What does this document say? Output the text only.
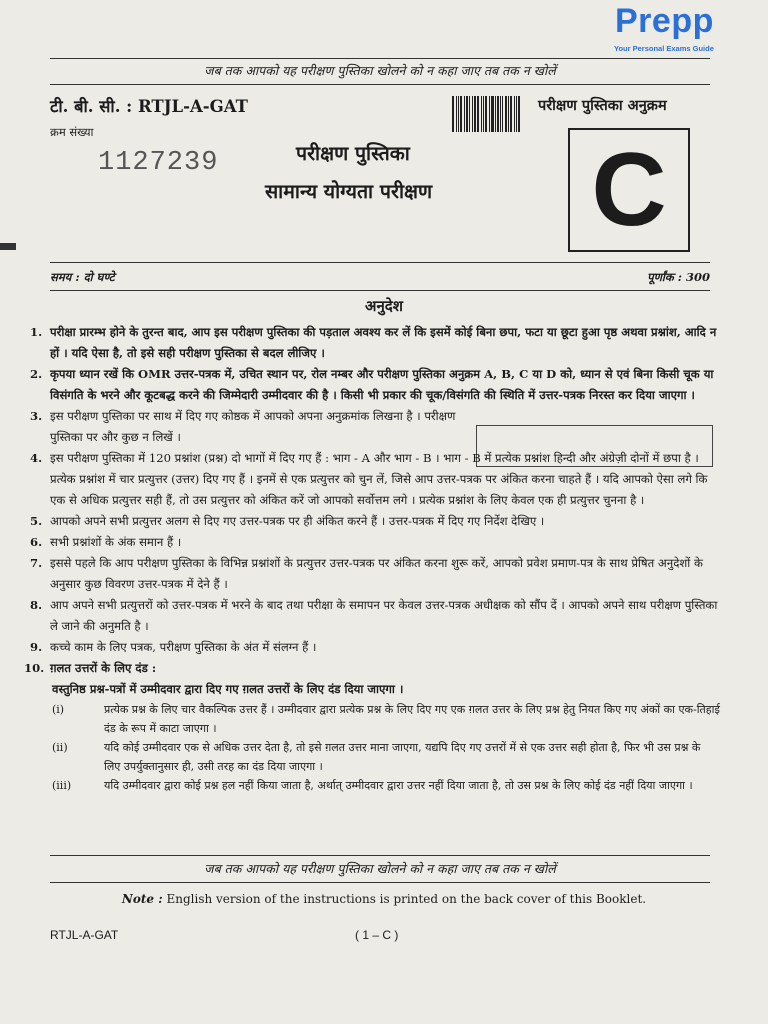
Prepp
Your Personal Exams Guide
जब तक आपको यह परीक्षण पुस्तिका खोलने को न कहा जाए तब तक न खोलें
टी. बी. सी. : RTJL-A-GAT
क्रम संख्या
1127239
परीक्षण पुस्तिका अनुक्रम
परीक्षण पुस्तिका
सामान्य योग्यता परीक्षण C
समय : दो घण्टे	पूर्णांक : 300
अनुदेश
1. परीक्षा प्रारम्भ होने के तुरन्त बाद, आप इस परीक्षण पुस्तिका की पड़ताल अवश्य कर लें कि इसमें कोई बिना छपा, फटा या छूटा हुआ पृष्ठ अथवा प्रश्नांश, आदि न हों । यदि ऐसा है, तो इसे सही परीक्षण पुस्तिका से बदल लीजिए ।
2. कृपया ध्यान रखें कि OMR उत्तर-पत्रक में, उचित स्थान पर, रोल नम्बर और परीक्षण पुस्तिका अनुक्रम A, B, C या D को, ध्यान से एवं बिना किसी चूक या विसंगति के भरने और कूटबद्ध करने की जिम्मेदारी उम्मीदवार की है । किसी भी प्रकार की चूक/विसंगति की स्थिति में उत्तर-पत्रक निरस्त कर दिया जाएगा ।
3. इस परीक्षण पुस्तिका पर साथ में दिए गए कोष्ठक में आपको अपना अनुक्रमांक लिखना है । परीक्षण पुस्तिका पर और कुछ न लिखें ।
4. इस परीक्षण पुस्तिका में 120 प्रश्नांश (प्रश्न) दो भागों में दिए गए हैं : भाग - A और भाग - B । भाग - B में प्रत्येक प्रश्नांश हिन्दी और अंग्रेज़ी दोनों में छपा है । प्रत्येक प्रश्नांश में चार प्रत्युत्तर (उत्तर) दिए गए हैं । इनमें से एक प्रत्युत्तर को चुन लें, जिसे आप उत्तर-पत्रक पर अंकित करना चाहते हैं । यदि आपको ऐसा लगे कि एक से अधिक प्रत्युत्तर सही हैं, तो उस प्रत्युत्तर को अंकित करें जो आपको सर्वोत्तम लगे । प्रत्येक प्रश्नांश के लिए केवल एक ही प्रत्युत्तर चुनना है ।
5. आपको अपने सभी प्रत्युत्तर अलग से दिए गए उत्तर-पत्रक पर ही अंकित करने हैं । उत्तर-पत्रक में दिए गए निर्देश देखिए ।
6. सभी प्रश्नांशों के अंक समान हैं ।
7. इससे पहले कि आप परीक्षण पुस्तिका के विभिन्न प्रश्नांशों के प्रत्युत्तर उत्तर-पत्रक पर अंकित करना शुरू करें, आपको प्रवेश प्रमाण-पत्र के साथ प्रेषित अनुदेशों के अनुसार कुछ विवरण उत्तर-पत्रक में देने हैं ।
8. आप अपने सभी प्रत्युत्तरों को उत्तर-पत्रक में भरने के बाद तथा परीक्षा के समापन पर केवल उत्तर-पत्रक अधीक्षक को सौंप दें । आपको अपने साथ परीक्षण पुस्तिका ले जाने की अनुमति है ।
9. कच्चे काम के लिए पत्रक, परीक्षण पुस्तिका के अंत में संलग्न हैं ।
10. ग़लत उत्तरों के लिए दंड :
वस्तुनिष्ठ प्रश्न-पत्रों में उम्मीदवार द्वारा दिए गए ग़लत उत्तरों के लिए दंड दिया जाएगा ।
(i)	प्रत्येक प्रश्न के लिए चार वैकल्पिक उत्तर हैं । उम्मीदवार द्वारा प्रत्येक प्रश्न के लिए दिए गए एक ग़लत उत्तर के लिए प्रश्न हेतु नियत किए गए अंकों का एक-तिहाई दंड के रूप में काटा जाएगा ।
(ii)	यदि कोई उम्मीदवार एक से अधिक उत्तर देता है, तो इसे ग़लत उत्तर माना जाएगा, यद्यपि दिए गए उत्तरों में से एक उत्तर सही होता है, फिर भी उस प्रश्न के लिए उपर्युक्तानुसार ही, उसी तरह का दंड दिया जाएगा ।
(iii)	यदि उम्मीदवार द्वारा कोई प्रश्न हल नहीं किया जाता है, अर्थात् उम्मीदवार द्वारा उत्तर नहीं दिया जाता है, तो उस प्रश्न के लिए कोई दंड नहीं दिया जाएगा ।
जब तक आपको यह परीक्षण पुस्तिका खोलने को न कहा जाए तब तक न खोलें
Note : English version of the instructions is printed on the back cover of this Booklet.
RTJL-A-GAT	( 1 – C )
